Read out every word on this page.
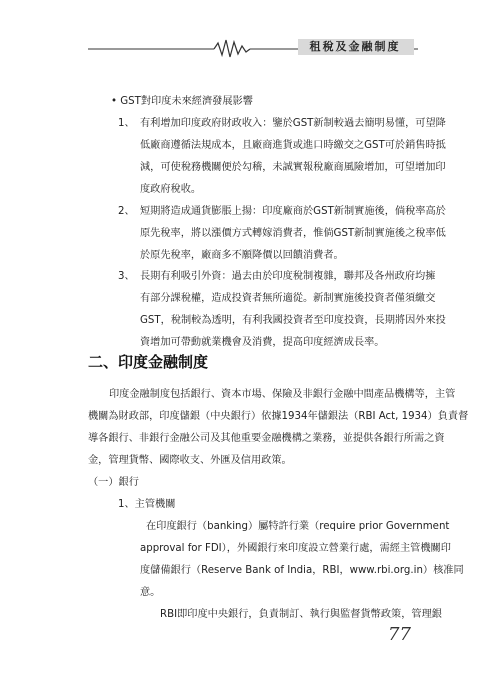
租稅及金融制度
• GST對印度未來經濟發展影響
1、 有利增加印度政府財政收入：鑒於GST新制較過去簡明易懂，可望降

低廠商遵循法規成本，且廠商進貨或進口時繳交之GST可於銷售時抵

減，可使稅務機關便於勾稽，未誠實報稅廠商風險增加，可望增加印

度政府稅收。

2、 短期將造成通貨膨脹上揚：印度廠商於GST新制實施後，倘稅率高於

原先稅率，將以漲價方式轉嫁消費者，惟倘GST新制實施後之稅率低

於原先稅率，廠商多不願降價以回饋消費者。

3、 長期有利吸引外資：過去由於印度稅制複雜，聯邦及各州政府均擁

有部分課稅權，造成投資者無所適從。新制實施後投資者僅須繳交

GST，稅制較為透明，有利我國投資者至印度投資，長期將因外來投

資增加可帶動就業機會及消費，提高印度經濟成長率。

二、印度金融制度

印度金融制度包括銀行、資本市場、保險及非銀行金融中間產品機構等，主管

機關為財政部，印度儲銀（中央銀行）依據1934年儲銀法（RBI Act, 1934）負責督

導各銀行、非銀行金融公司及其他重要金融機構之業務，並提供各銀行所需之資

金，管理貨幣、國際收支、外匯及信用政策。

（一）銀行
1、主管機關

在印度銀行（banking）屬特許行業（require prior Government

approval for FDI），外國銀行來印度設立營業行處，需經主管機關印

度儲備銀行（Reserve Bank of India，RBI，www.rbi.org.in）核准同

意。

RBI即印度中央銀行，負責制訂、執行與監督貨幣政策，管理銀
77
